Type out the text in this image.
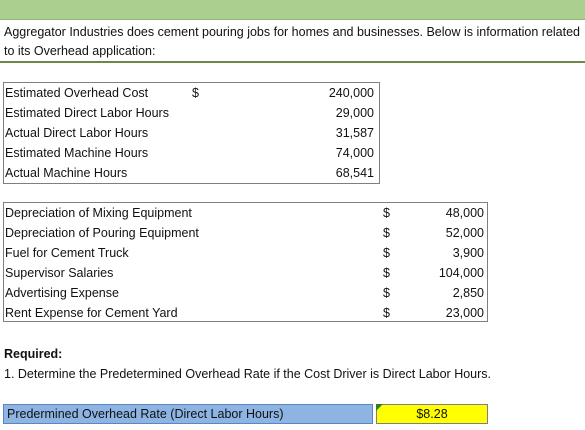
Aggregator Industries does cement pouring jobs for homes and businesses. Below is information related to its Overhead application:
Estimated Overhead Cost	$	240,000
Estimated Direct Labor Hours	29,000
Actual Direct Labor Hours	31,587
Estimated Machine Hours	74,000
Actual Machine Hours	68,541
Depreciation of Mixing Equipment	$	48,000
Depreciation of Pouring Equipment	$	52,000
Fuel for Cement Truck	$	3,900
Supervisor Salaries	$	104,000
Advertising Expense	$	2,850
Rent Expense for Cement Yard	$	23,000
Required:
1. Determine the Predetermined Overhead Rate if the Cost Driver is Direct Labor Hours.
Predermined Overhead Rate (Direct Labor Hours)	$8.28
